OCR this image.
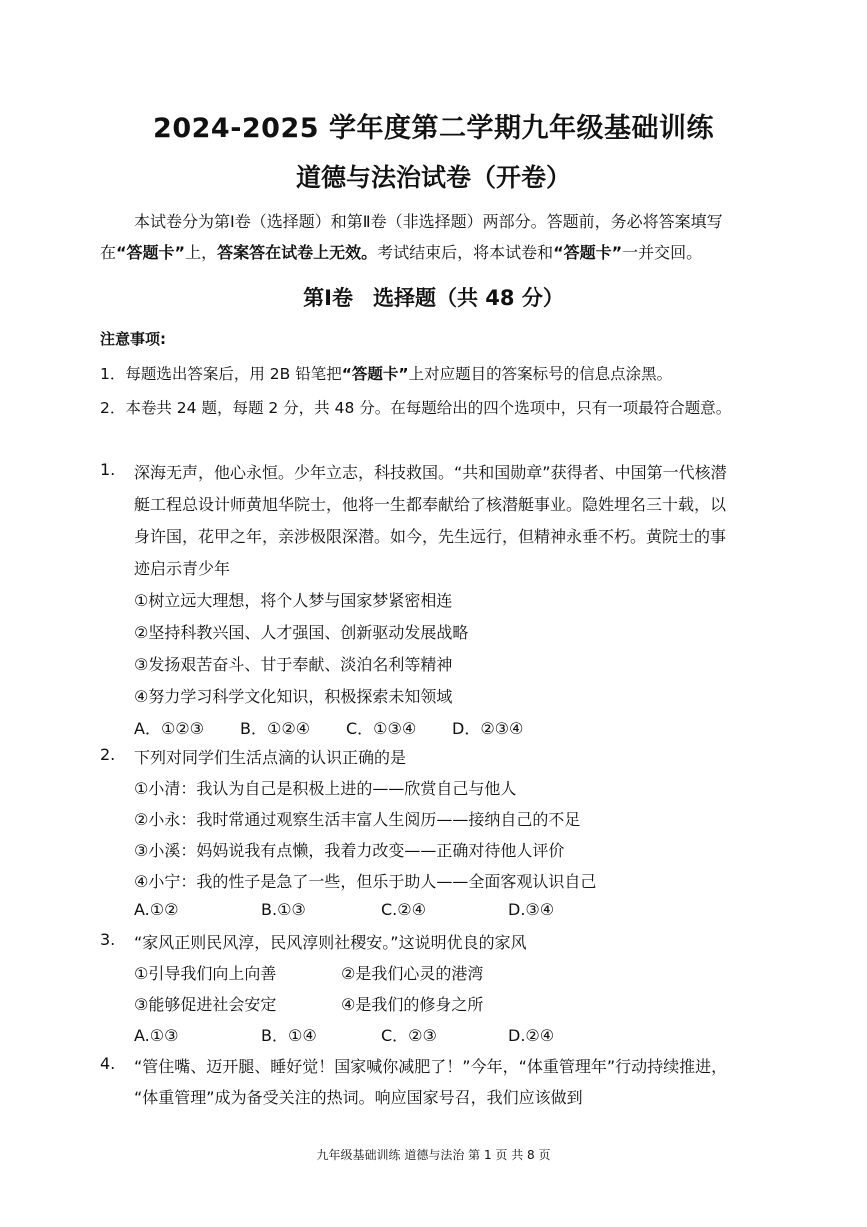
2024-2025 学年度第二学期九年级基础训练
道德与法治试卷（开卷）
本试卷分为第Ⅰ卷（选择题）和第Ⅱ卷（非选择题）两部分。答题前，务必将答案填写
在“答题卡”上，答案答在试卷上无效。考试结束后，将本试卷和“答题卡”一并交回。
第Ⅰ卷 选择题（共 48 分）
注意事项:
1．每题选出答案后，用 2B 铅笔把“答题卡”上对应题目的答案标号的信息点涂黑。
2．本卷共 24 题，每题 2 分，共 48 分。在每题给出的四个选项中，只有一项最符合题意。
1. 深海无声，他心永恒。少年立志，科技救国。“共和国勋章”获得者、中国第一代核潜
艇工程总设计师黄旭华院士，他将一生都奉献给了核潜艇事业。隐姓埋名三十载，以
身许国，花甲之年，亲涉极限深潜。如今，先生远行，但精神永垂不朽。黄院士的事
迹启示青少年
①树立远大理想，将个人梦与国家梦紧密相连
②坚持科教兴国、人才强国、创新驱动发展战略
③发扬艰苦奋斗、甘于奉献、淡泊名利等精神
④努力学习科学文化知识，积极探索未知领域
A．①②③ B．①②④ C．①③④ D．②③④
2. 下列对同学们生活点滴的认识正确的是
①小清：我认为自己是积极上进的——欣赏自己与他人
②小永：我时常通过观察生活丰富人生阅历——接纳自己的不足
③小溪：妈妈说我有点懒，我着力改变——正确对待他人评价
④小宁：我的性子是急了一些，但乐于助人——全面客观认识自己
A.①②	B.①③	C.②④	D.③④
3. “家风正则民风淳，民风淳则社稷安。”这说明优良的家风
①引导我们向上向善	②是我们心灵的港湾
③能够促进社会安定	④是我们的修身之所
A.①③	B．①④	C．②③	D.②④
4. “管住嘴、迈开腿、睡好觉！国家喊你减肥了！”今年，“体重管理年”行动持续推进，
“体重管理”成为备受关注的热词。响应国家号召，我们应该做到
九年级基础训练 道德与法治 第 1 页 共 8 页
